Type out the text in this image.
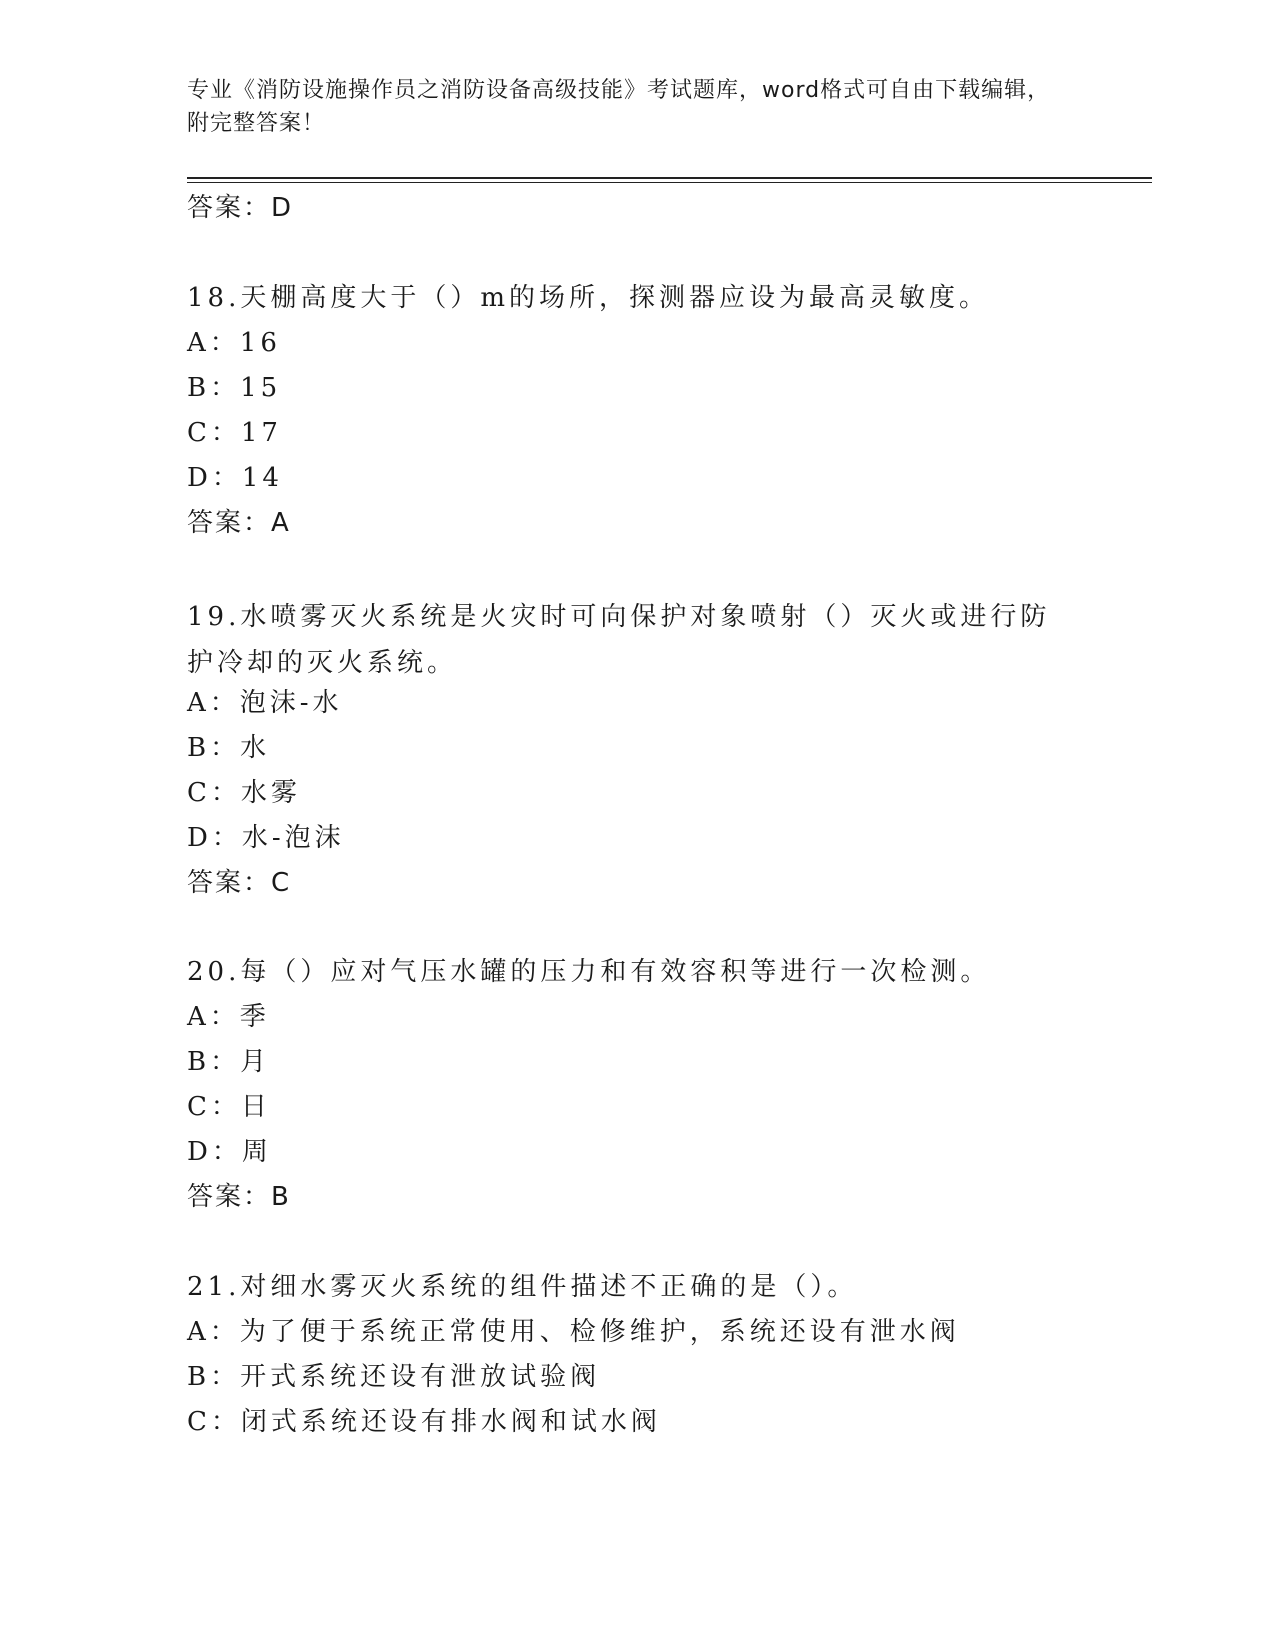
专业《消防设施操作员之消防设备高级技能》考试题库，word格式可自由下载编辑，附完整答案！
答案：D
18.天棚高度大于（）m的场所，探测器应设为最高灵敏度。
A：16
B：15
C：17
D：14
答案：A
19.水喷雾灭火系统是火灾时可向保护对象喷射（）灭火或进行防护冷却的灭火系统。
A：泡沫-水
B：水
C：水雾
D：水-泡沫
答案：C
20.每（）应对气压水罐的压力和有效容积等进行一次检测。
A：季
B：月
C：日
D：周
答案：B
21.对细水雾灭火系统的组件描述不正确的是（）。
A：为了便于系统正常使用、检修维护，系统还设有泄水阀
B：开式系统还设有泄放试验阀
C：闭式系统还设有排水阀和试水阀
